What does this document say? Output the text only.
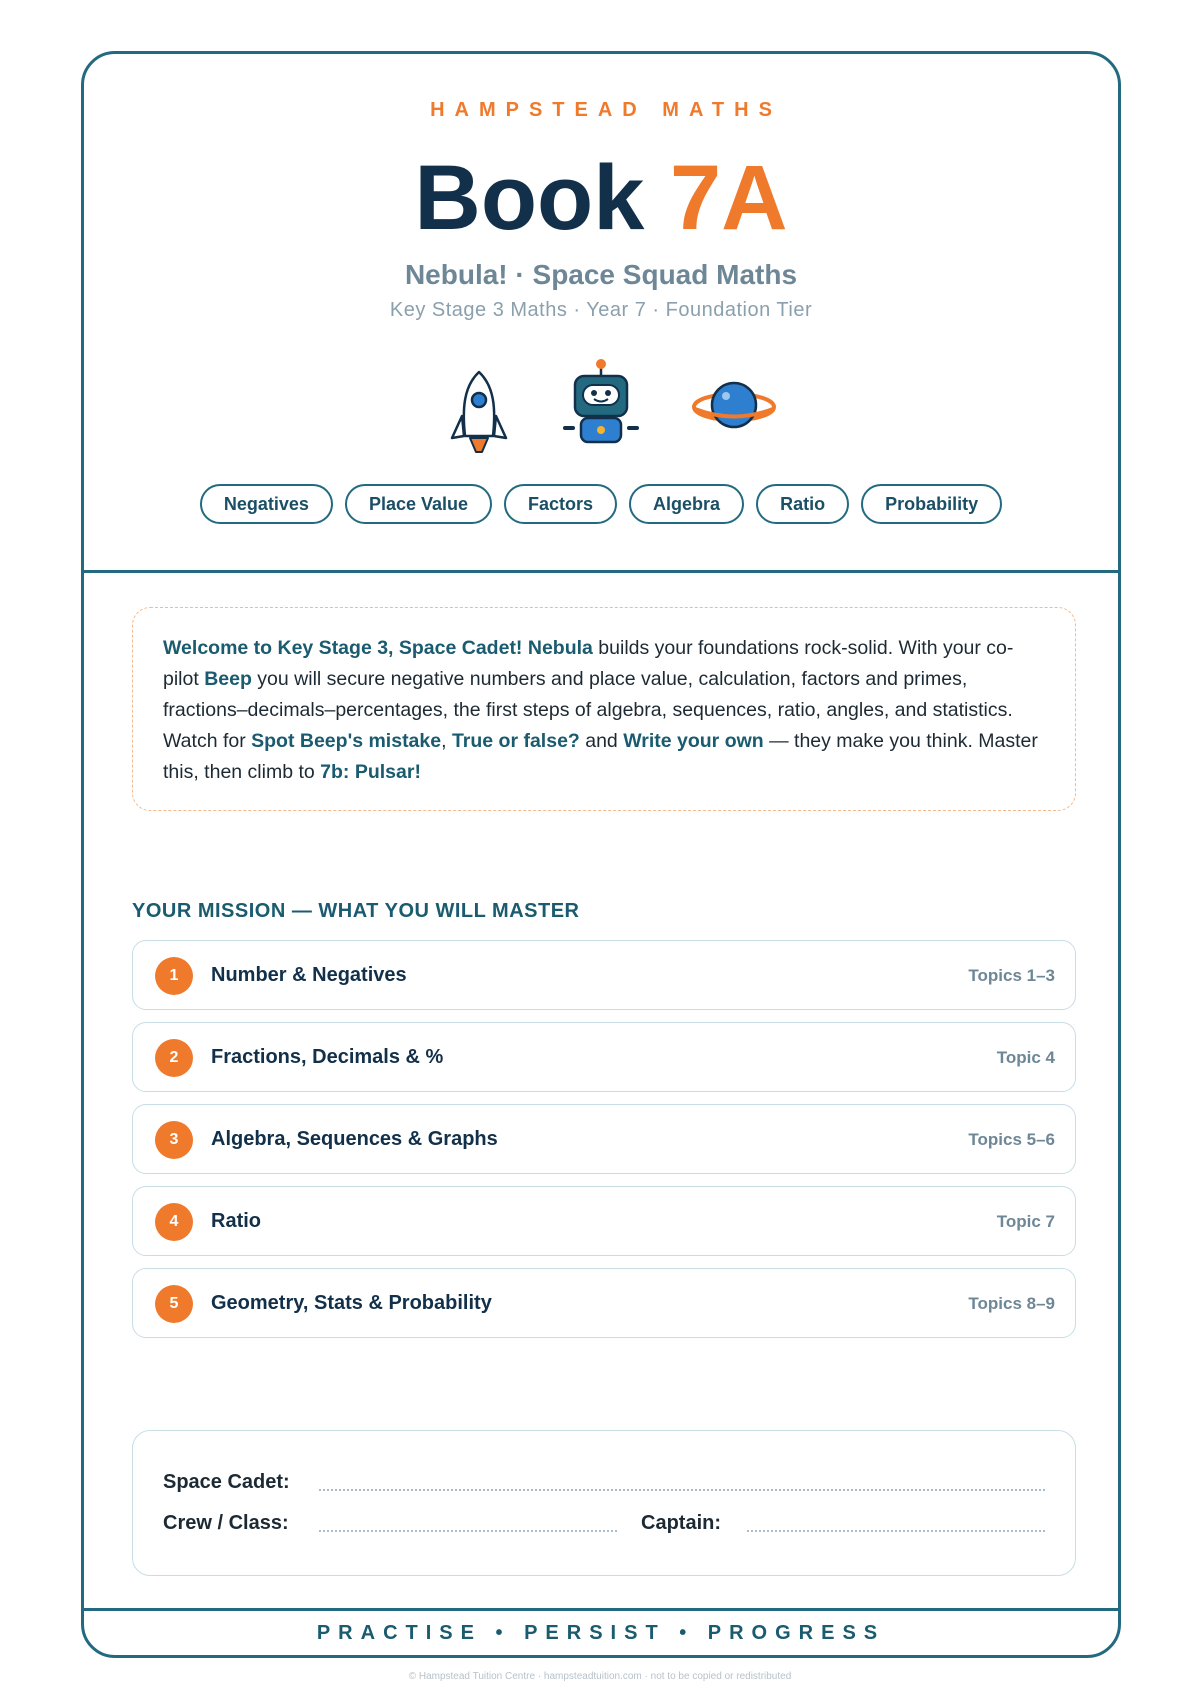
HAMPSTEAD MATHS
Book 7A
Nebula! · Space Squad Maths
Key Stage 3 Maths · Year 7 · Foundation Tier
Negatives	Place Value	Factors	Algebra	Ratio	Probability
Welcome to Key Stage 3, Space Cadet! Nebula builds your foundations rock-solid. With your co-pilot Beep you will secure negative numbers and place value, calculation, factors and primes, fractions–decimals–percentages, the first steps of algebra, sequences, ratio, angles, and statistics. Watch for Spot Beep's mistake, True or false? and Write your own — they make you think. Master this, then climb to 7b: Pulsar!
YOUR MISSION — WHAT YOU WILL MASTER
1	Number & Negatives	Topics 1–3
2	Fractions, Decimals & %	Topic 4
3	Algebra, Sequences & Graphs	Topics 5–6
4	Ratio	Topic 7
5	Geometry, Stats & Probability	Topics 8–9
Space Cadet:
Crew / Class:	Captain:
PRACTISE • PERSIST • PROGRESS
© Hampstead Tuition Centre · hampsteadtuition.com · not to be copied or redistributed
